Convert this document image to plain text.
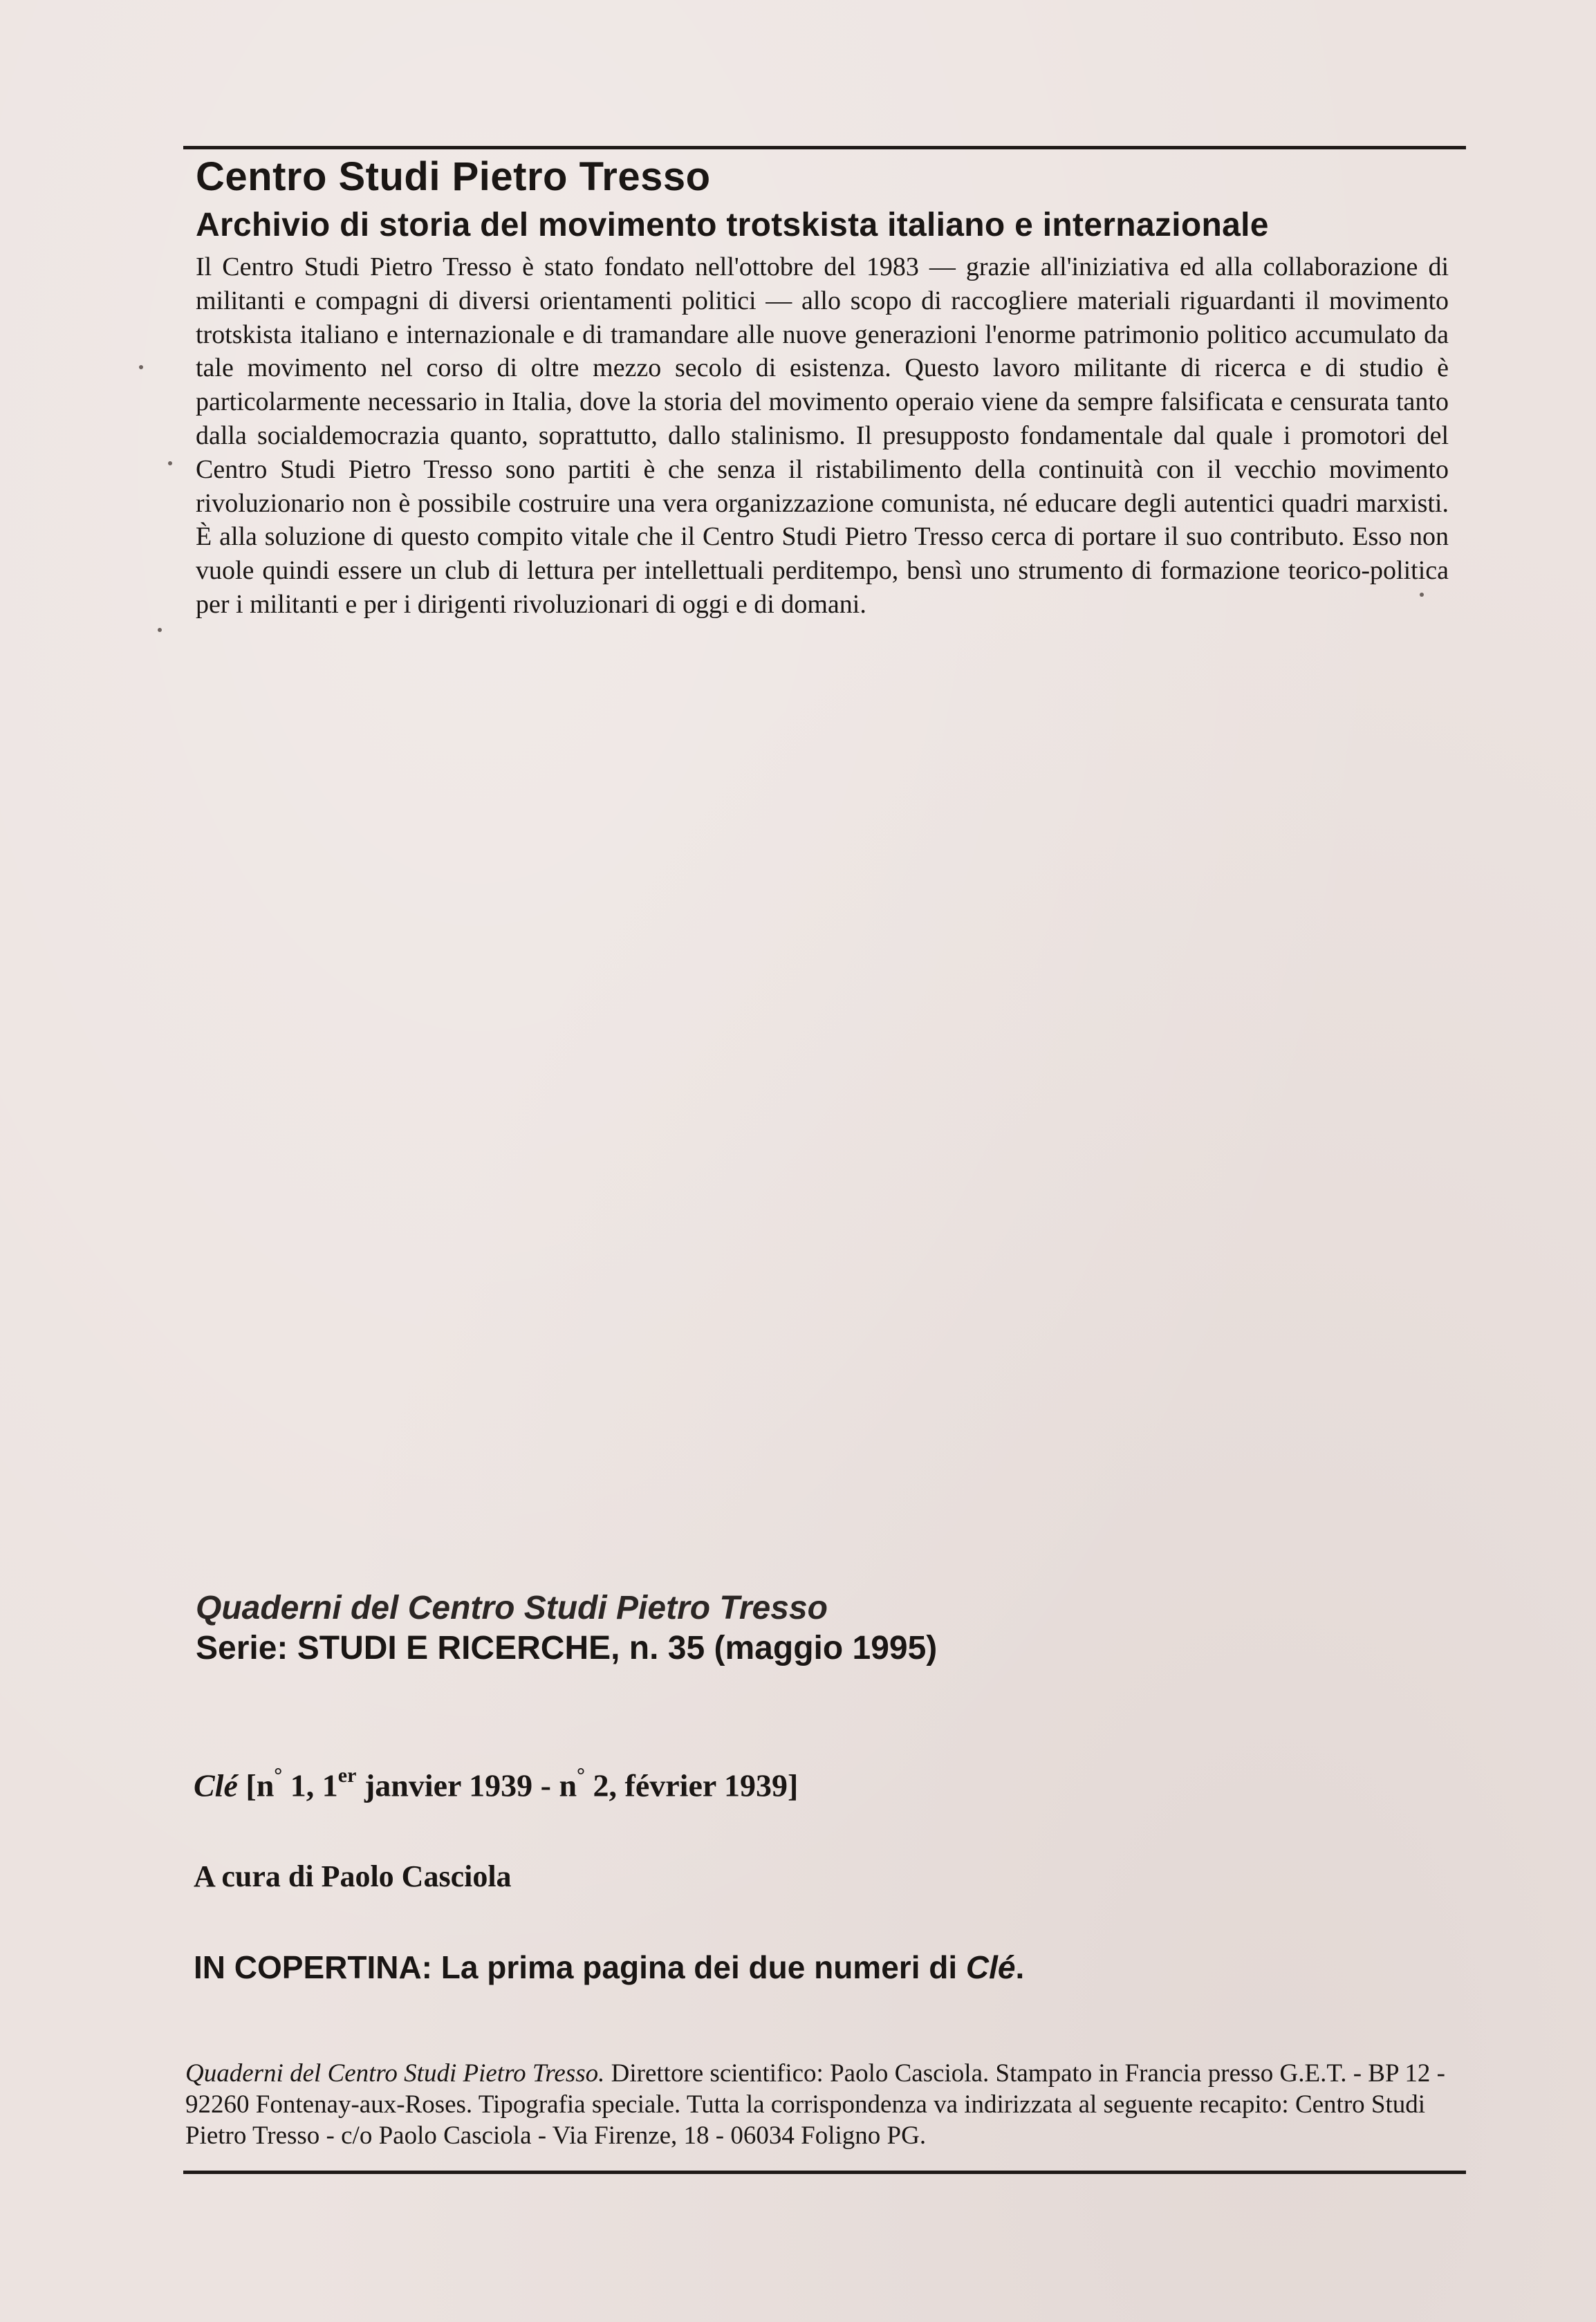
Centro Studi Pietro Tresso
Archivio di storia del movimento trotskista italiano e internazionale

Il Centro Studi Pietro Tresso è stato fondato nell'ottobre del 1983 — grazie all'iniziativa ed alla collaborazione di militanti e compagni di diversi orientamenti politici — allo scopo di raccogliere materiali riguardanti il movimento trotskista italiano e internazionale e di tramandare alle nuove generazioni l'enorme patrimonio politico accumulato da tale movimento nel corso di oltre mezzo secolo di esistenza. Questo lavoro militante di ricerca e di studio è particolarmente necessario in Italia, dove la storia del movimento operaio viene da sempre falsificata e censurata tanto dalla socialdemocrazia quanto, soprattutto, dallo stalinismo. Il presupposto fondamentale dal quale i promotori del Centro Studi Pietro Tresso sono partiti è che senza il ristabilimento della continuità con il vecchio movimento rivoluzionario non è possibile costruire una vera organizzazione comunista, né educare degli autentici quadri marxisti. È alla soluzione di questo compito vitale che il Centro Studi Pietro Tresso cerca di portare il suo contributo. Esso non vuole quindi essere un club di lettura per intellettuali perditempo, bensì uno strumento di formazione teorico-politica per i militanti e per i dirigenti rivoluzionari di oggi e di domani.

Quaderni del Centro Studi Pietro Tresso

Serie: STUDI E RICERCHE, n. 35 (maggio 1995)

Clé [n° 1, 1er janvier 1939 - n° 2, février 1939]

A cura di Paolo Casciola

IN COPERTINA: La prima pagina dei due numeri di Clé.

Quaderni del Centro Studi Pietro Tresso. Direttore scientifico: Paolo Casciola. Stampato in Francia presso G.E.T. - BP 12 - 92260 Fontenay-aux-Roses. Tipografia speciale. Tutta la corrispondenza va indirizzata al seguente recapito: Centro Studi Pietro Tresso - c/o Paolo Casciola - Via Firenze, 18 - 06034 Foligno PG.
